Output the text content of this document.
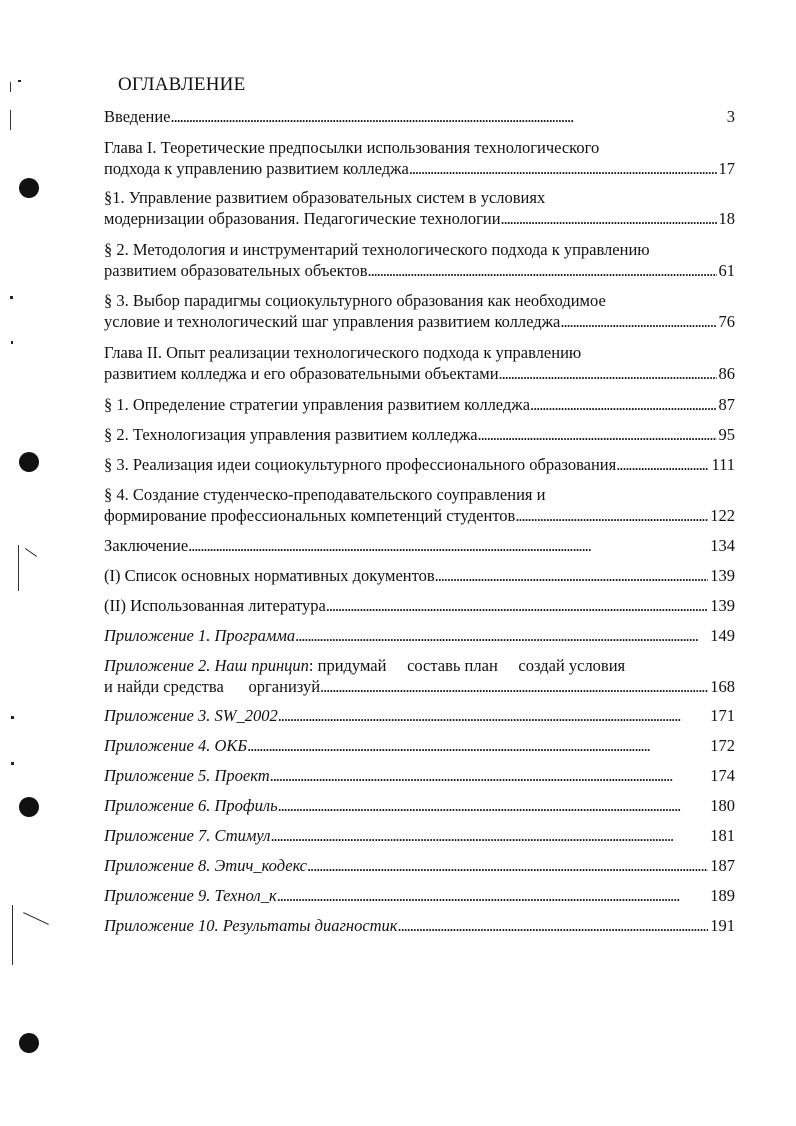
ОГЛАВЛЕНИЕ
Введение . . .	3
Глава I. Теоретические предпосылки использования технологического
подхода к управлению развитием колледжа . . .	17
§1. Управление развитием образовательных систем в условиях
модернизации образования. Педагогические технологии . . .	18
§ 2. Методология и инструментарий технологического подхода к управлению
развитием образовательных объектов . . .	61
§ 3. Выбор парадигмы социокультурного образования как необходимое
условие и технологический шаг управления развитием колледжа . . .	76
Глава II. Опыт реализации технологического подхода к управлению
развитием колледжа и его образовательными объектами . . .	86
§ 1. Определение стратегии управления развитием колледжа . . .	87
§ 2. Технологизация управления развитием колледжа . . .	95
§ 3. Реализация идеи социокультурного профессионального образования . . .	111
§ 4. Создание студенческо-преподавательского соуправления и
формирование профессиональных компетенций студентов . . .	122
Заключение . . .	134
(I) Список основных нормативных документов . . .	139
(II) Использованная литература . . .	139
Приложение 1. Программа . . .	149
Приложение 2. Наш принцип: придумай     составь план     создай условия
и найди средства      организуй . . .	168
Приложение 3. SW_2002 . . .	171
Приложение 4. ОКБ . . .	172
Приложение 5. Проект . . .	174
Приложение 6. Профиль . . .	180
Приложение 7. Стимул . . .	181
Приложение 8. Этич_кодекс . . .	187
Приложение 9. Технол_к . . .	189
Приложение 10. Результаты диагностик . . .	191
